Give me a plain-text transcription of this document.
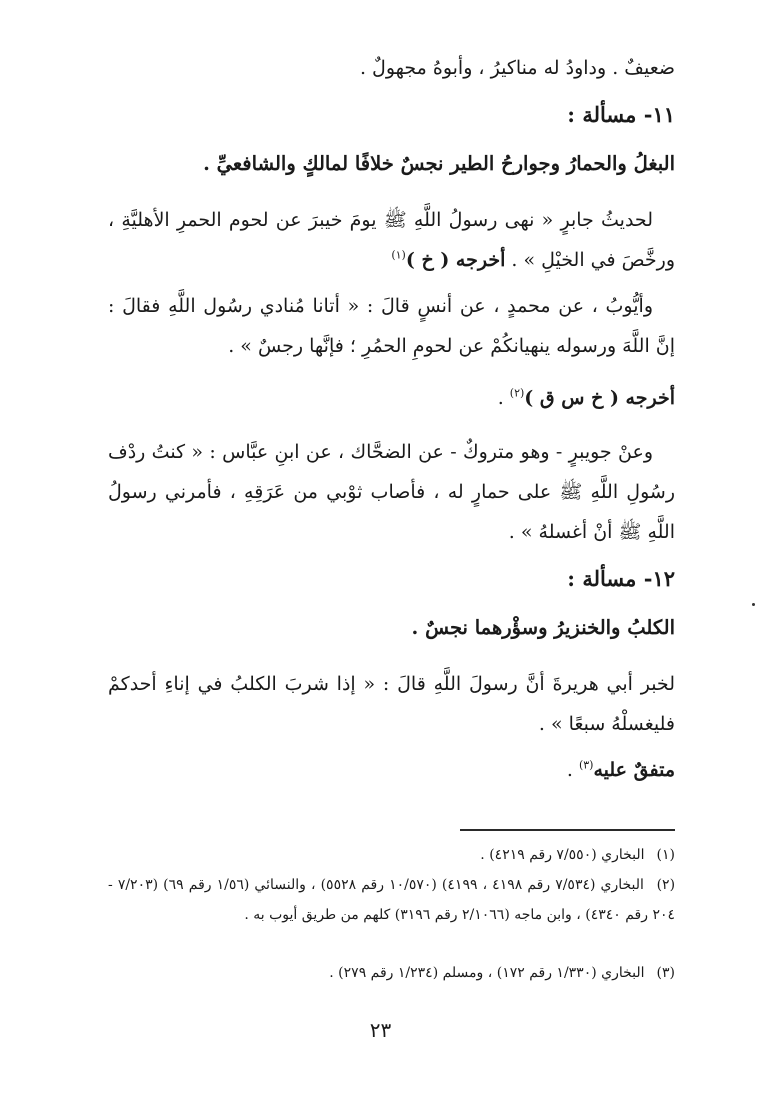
ضعيفٌ . وداودُ له مناكيرُ ، وأبوهُ مجهولٌ .
١١- مسألة :
البغلُ والحمارُ وجوارحُ الطير نجسٌ خلافًا لمالكٍ والشافعيِّ .
لحديثُ جابرٍ « نهى رسولُ اللَّهِ ﷺ يومَ خيبرَ عن لحوم الحمرِ الأهليَّةِ ، ورخَّصَ في الخيْلِ » . أخرجه ( خ )$^{(١)}$
وأيُّوبُ ، عن محمدٍ ، عن أنسٍ قالَ : « أتانا مُنادي رسُول اللَّهِ فقالَ : إنَّ اللَّهَ ورسوله ينهيانكُمْ عن لحومِ الحمُرِ ؛ فإنَّها رجسٌ » .
أخرجه ( خ س ق )$^{(٢)}$ .
وعنْ جويبرٍ - وهو متروكٌ - عن الضحَّاك ، عن ابنِ عبَّاس : « كنتُ ردْف رسُولِ اللَّهِ ﷺ على حمارٍ له ، فأصاب ثوْبي من عَرَقِهِ ، فأمرني رسولُ اللَّهِ ﷺ أنْ أغسلهُ » .
١٢- مسألة :
الكلبُ والخنزيرُ وسؤْرهما نجسٌ .
لخبر أبي هريرةَ أنَّ رسولَ اللَّهِ قالَ : « إذا شربَ الكلبُ في إناءِ أحدكمْ فليغسلْهُ سبعًا » .
متفقٌ عليه$^{(٣)}$ .
(١) البخاري (٧/٥٥٠ رقم ٤٢١٩) .
(٢) البخاري (٧/٥٣٤ رقم ٤١٩٨ ، ٤١٩٩) (١٠/٥٧٠ رقم ٥٥٢٨) ، والنسائي (١/٥٦ رقم ٦٩) (٧/٢٠٣ - ٢٠٤ رقم ٤٣٤٠) ، وابن ماجه (٢/١٠٦٦ رقم ٣١٩٦) كلهم من طريق أيوب به .
(٣) البخاري (١/٣٣٠ رقم ١٧٢) ، ومسلم (١/٢٣٤ رقم ٢٧٩) .
٢٣
